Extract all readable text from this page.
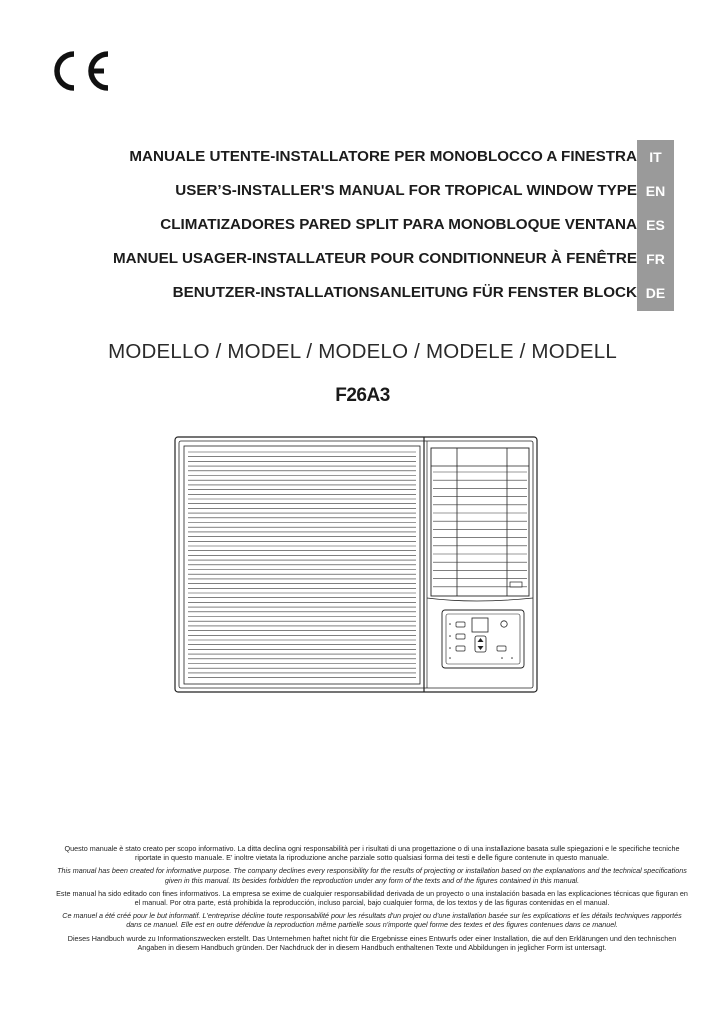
MANUALE UTENTE-INSTALLATORE PER MONOBLOCCO A FINESTRA
USER’S-INSTALLER'S MANUAL FOR TROPICAL WINDOW TYPE
CLIMATIZADORES PARED SPLIT PARA MONOBLOQUE VENTANA
MANUEL USAGER-INSTALLATEUR POUR CONDITIONNEUR À FENÊTRE
BENUTZER-INSTALLATIONSANLEITUNG FÜR FENSTER BLOCK
IT
EN
ES
FR
DE
MODELLO / MODEL / MODELO / MODELE / MODELL
F26A3

Questo manuale è stato creato per scopo informativo. La ditta declina ogni responsabilità per i risultati di una progettazione o di una installazione basata sulle spiegazioni e le specifiche tecniche riportate in questo manuale. E’ inoltre vietata la riproduzione anche parziale sotto qualsiasi forma dei testi e delle figure contenute in questo manuale.

This manual has been created for informative purpose. The company declines every responsibility for the results of projecting or installation based on the explanations and the technical specifications given in this manual. Its besides forbidden the reproduction under any form of the texts and of the figures contained in this manual.

Este manual ha sido editado con fines informativos. La empresa se exime de cualquier responsabilidad derivada de un proyecto o una instalación basada en las explicaciones técnicas que figuran en el manual. Por otra parte, está prohibida la reproducción, incluso parcial, bajo cualquier forma, de los textos y de las figuras contenidas en el manual.

Ce manuel a été créé pour le but informatif. L'entreprise décline toute responsabilité pour les résultats d'un projet ou d'une installation basée sur les explications et les détails techniques rapportés dans ce manuel. Elle est en outre défendue la reproduction même partielle sous n'importe quel forme des textes et des figures contenues dans ce manuel.

Dieses Handbuch wurde zu Informationszwecken erstellt. Das Unternehmen haftet nicht für die Ergebnisse eines Entwurfs oder einer Installation, die auf den Erklärungen und den technischen Angaben in diesem Handbuch gründen. Der Nachdruck der in diesem Handbuch enthaltenen Texte und Abbildungen in jeglicher Form ist untersagt.
